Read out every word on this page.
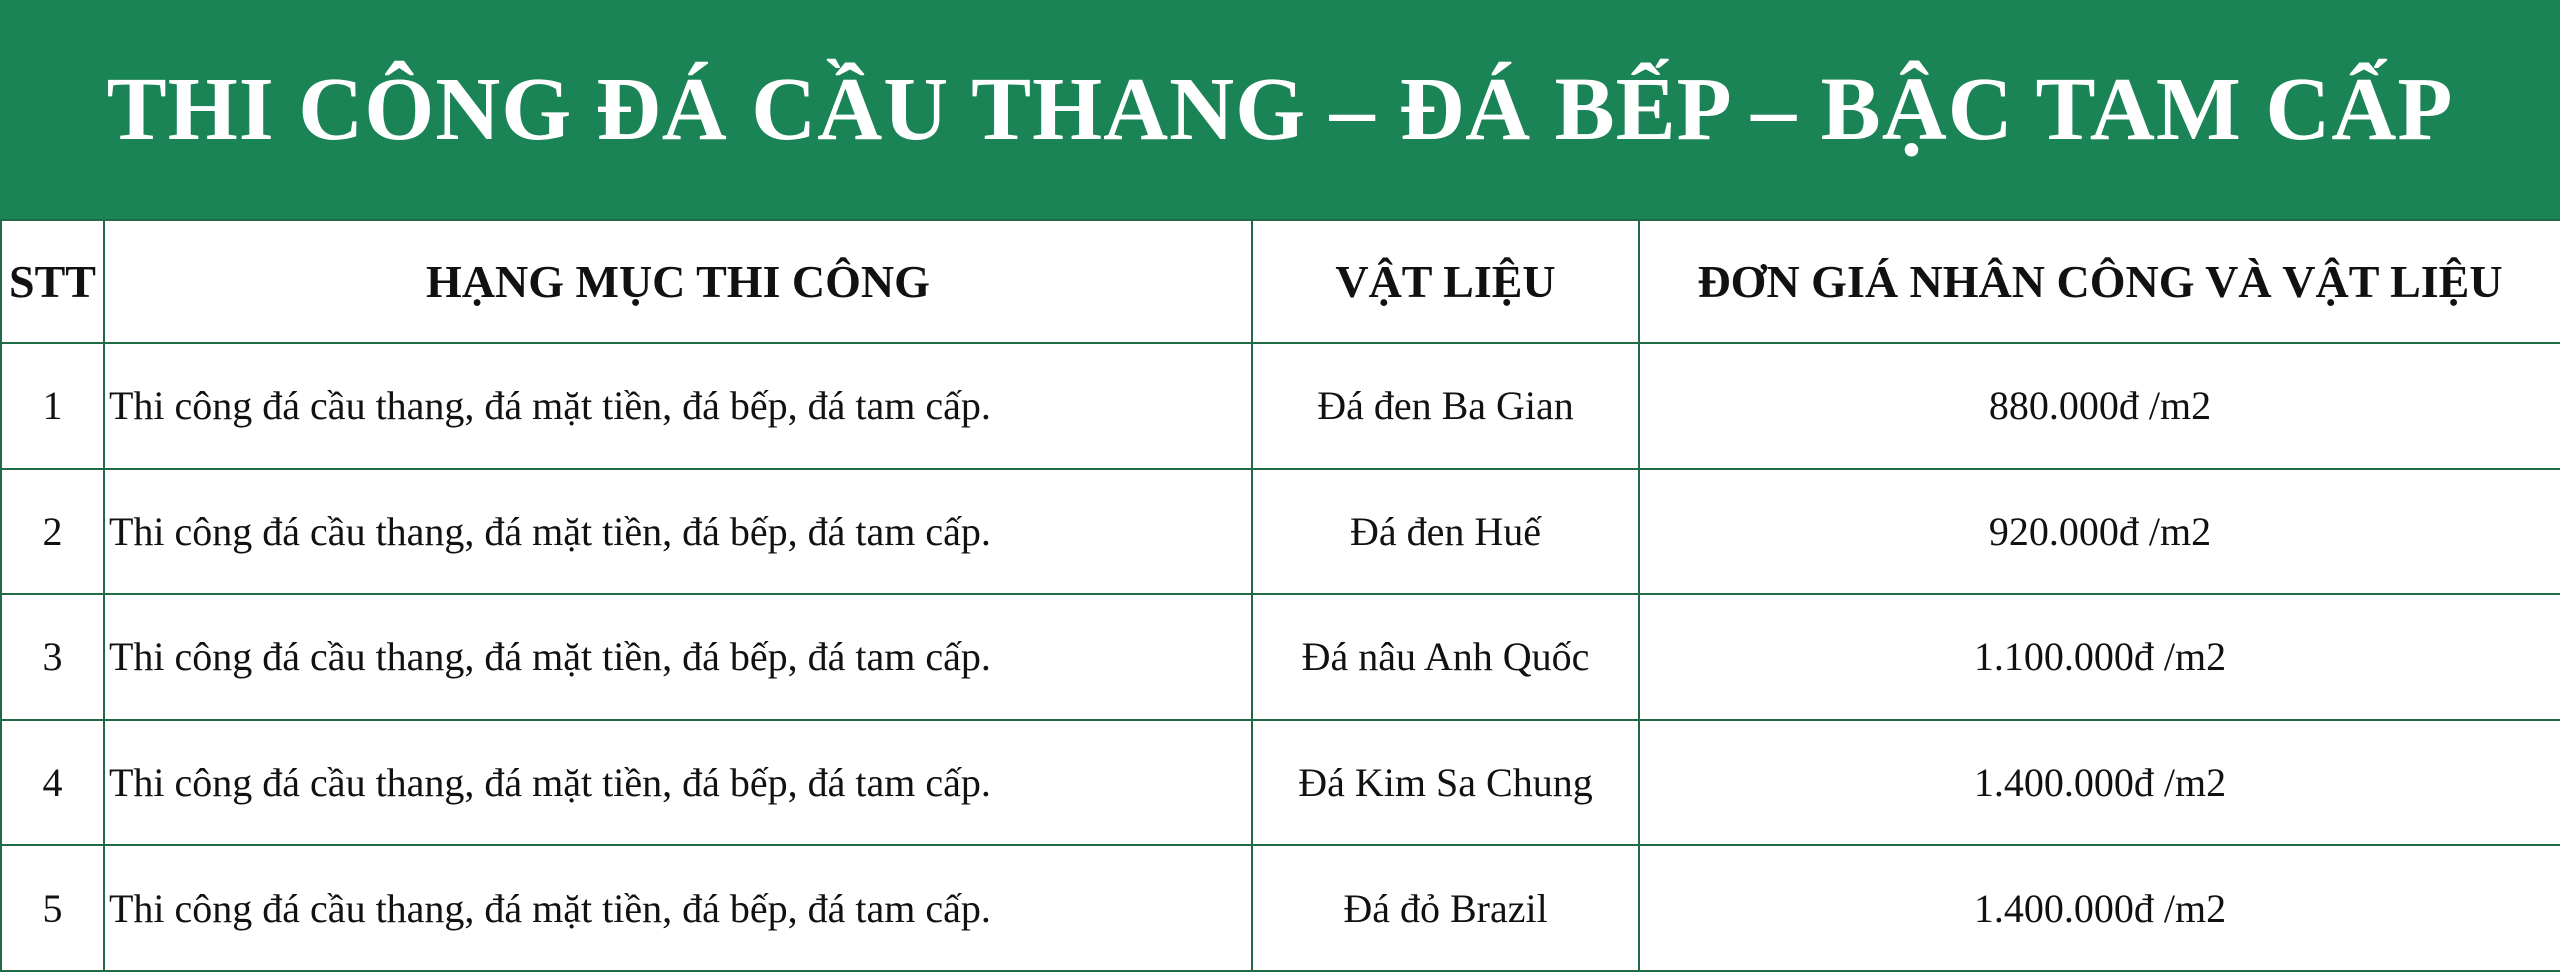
THI CÔNG ĐÁ CẦU THANG – ĐÁ BẾP – BẬC TAM CẤP
STT	HẠNG MỤC THI CÔNG	VẬT LIỆU	ĐƠN GIÁ NHÂN CÔNG VÀ VẬT LIỆU
1	Thi công đá cầu thang, đá mặt tiền, đá bếp, đá tam cấp.	Đá đen Ba Gian	880.000đ /m2
2	Thi công đá cầu thang, đá mặt tiền, đá bếp, đá tam cấp.	Đá đen Huế	920.000đ /m2
3	Thi công đá cầu thang, đá mặt tiền, đá bếp, đá tam cấp.	Đá nâu Anh Quốc	1.100.000đ /m2
4	Thi công đá cầu thang, đá mặt tiền, đá bếp, đá tam cấp.	Đá Kim Sa Chung	1.400.000đ /m2
5	Thi công đá cầu thang, đá mặt tiền, đá bếp, đá tam cấp.	Đá đỏ Brazil	1.400.000đ /m2
